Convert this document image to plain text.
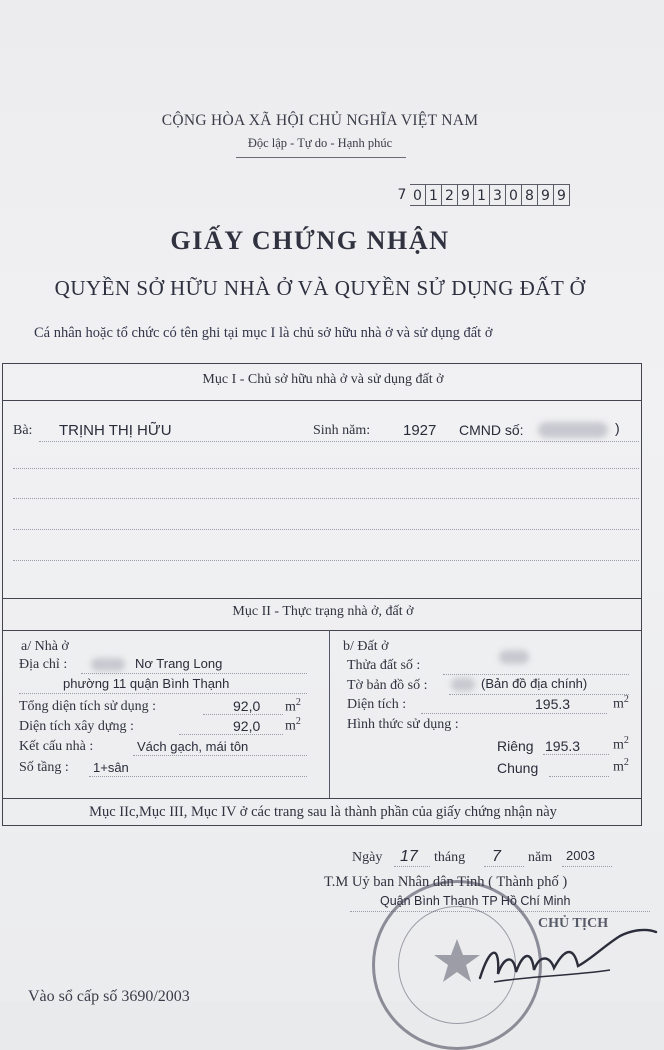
CỘNG HÒA XÃ HỘI CHỦ NGHĨA VIỆT NAM
Độc lập - Tự do - Hạnh phúc
7 0 1 2 9 1 3 0 8 9 9
GIẤY CHỨNG NHẬN
QUYỀN SỞ HỮU NHÀ Ở VÀ QUYỀN SỬ DỤNG ĐẤT Ở
Cá nhân hoặc tổ chức có tên ghi tại mục I là chủ sở hữu nhà ở và sử dụng đất ở
Mục I - Chủ sở hữu nhà ở và sử dụng đất ở
Bà: TRỊNH THỊ HỮU	Sinh năm: 1927 CMND số:	)
Mục II - Thực trạng nhà ở, đất ở
a/ Nhà ở
Địa chỉ :	Nơ Trang Long
phường 11 quận Bình Thạnh
Tổng diện tích sử dụng :	92,0 $m^2$
Diện tích xây dựng :	92,0 $m^2$
Kết cấu nhà :	Vách gạch, mái tôn
Số tầng : 1+sân
b/ Đất ở
Thửa đất số :
Tờ bản đồ số :	(Bản đồ địa chính)
Diện tích :	195.3	$m^2$
Hình thức sử dụng :
Riêng 195.3 $m^2$
Chung	$m^2$
Mục IIc,Mục III, Mục IV ở các trang sau là thành phần của giấy chứng nhận này
Ngày 17 tháng 7 năm 2003
T.M Uỷ ban Nhân dân Tỉnh ( Thành phố )
Quận Bình Thạnh TP Hồ Chí Minh
CHỦ TỊCH
Vào sổ cấp số 3690/2003
